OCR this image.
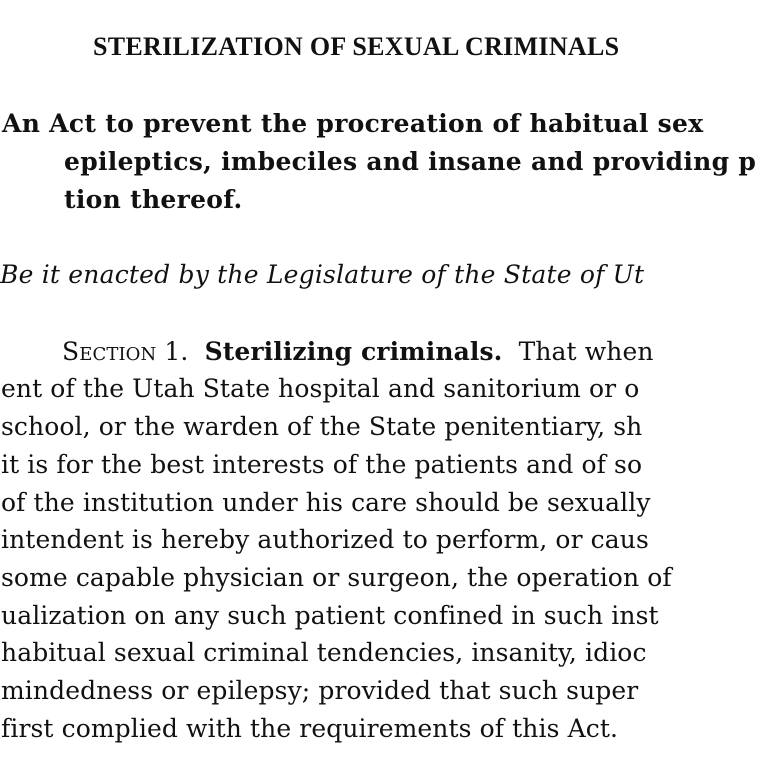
STERILIZATION OF SEXUAL CRIMINALS
An Act to prevent the procreation of habitual sex
epileptics, imbeciles and insane and providing p
tion thereof.
Be it enacted by the Legislature of the State of Ut
Section 1. Sterilizing criminals. That when
ent of the Utah State hospital and sanitorium or o
school, or the warden of the State penitentiary, sh
it is for the best interests of the patients and of so
of the institution under his care should be sexually
intendent is hereby authorized to perform, or caus
some capable physician or surgeon, the operation of
ualization on any such patient confined in such inst
habitual sexual criminal tendencies, insanity, idioc
mindedness or epilepsy; provided that such super
first complied with the requirements of this Act.
